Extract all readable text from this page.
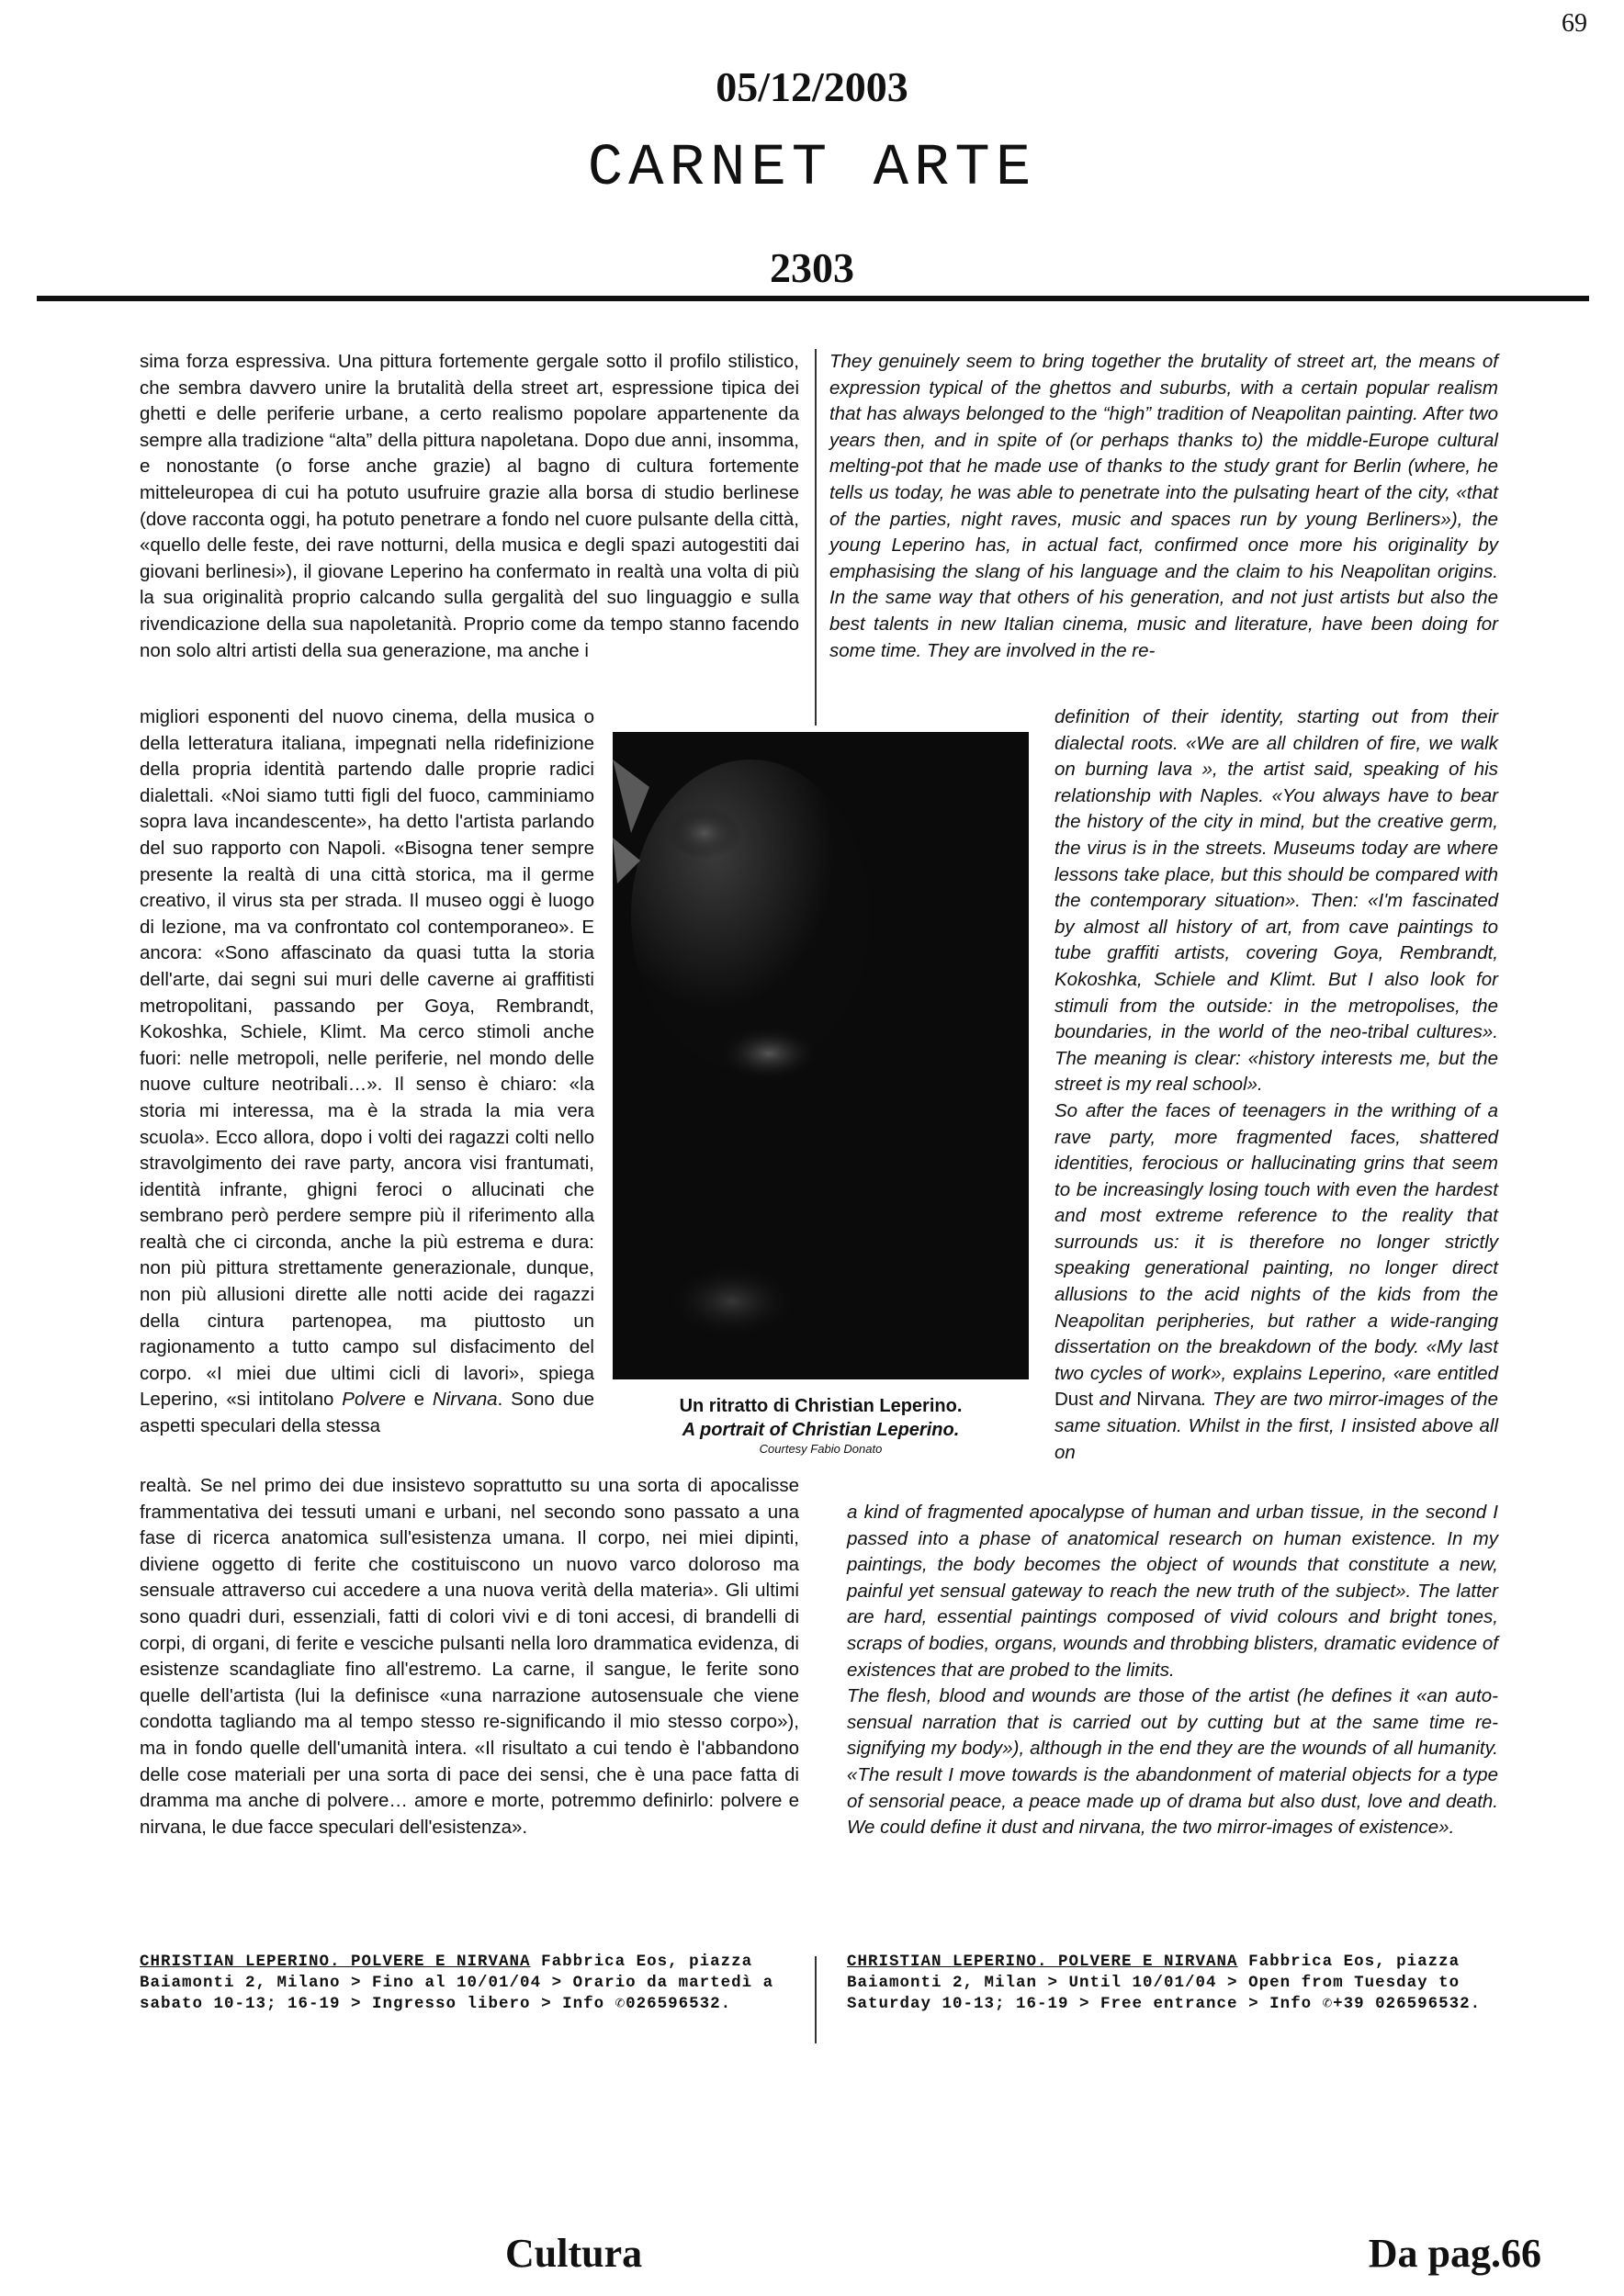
69
05/12/2003
CARNET ARTE
2303

sima forza espressiva. Una pittura fortemente gergale sotto il profilo stilistico, che sembra davvero unire la brutalità della street art, espressione tipica dei ghetti e delle periferie urbane, a certo realismo popolare appartenente da sempre alla tradizione “alta” della pittura napoletana. Dopo due anni, insomma, e nonostante (o forse anche grazie) al bagno di cultura fortemente mitteleuropea di cui ha potuto usufruire grazie alla borsa di studio berlinese (dove racconta oggi, ha potuto penetrare a fondo nel cuore pulsante della città, «quello delle feste, dei rave notturni, della musica e degli spazi autogestiti dai giovani berlinesi»), il giovane Leperino ha confermato in realtà una volta di più la sua originalità proprio calcando sulla gergalità del suo linguaggio e sulla rivendicazione della sua napoletanità. Proprio come da tempo stanno facendo non solo altri artisti della sua generazione, ma anche i

migliori esponenti del nuovo cinema, della musica o della letteratura italiana, impegnati nella ridefinizione della propria identità partendo dalle proprie radici dialettali. «Noi siamo tutti figli del fuoco, camminiamo sopra lava incandescente», ha detto l'artista parlando del suo rapporto con Napoli. «Bisogna tener sempre presente la realtà di una città storica, ma il germe creativo, il virus sta per strada. Il museo oggi è luogo di lezione, ma va confrontato col contemporaneo». E ancora: «Sono affascinato da quasi tutta la storia dell'arte, dai segni sui muri delle caverne ai graffitisti metropolitani, passando per Goya, Rembrandt, Kokoshka, Schiele, Klimt. Ma cerco stimoli anche fuori: nelle metropoli, nelle periferie, nel mondo delle nuove culture neotribali…». Il senso è chiaro: «la storia mi interessa, ma è la strada la mia vera scuola». Ecco allora, dopo i volti dei ragazzi colti nello stravolgimento dei rave party, ancora visi frantumati, identità infrante, ghigni feroci o allucinati che sembrano però perdere sempre più il riferimento alla realtà che ci circonda, anche la più estrema e dura: non più pittura strettamente generazionale, dunque, non più allusioni dirette alle notti acide dei ragazzi della cintura partenopea, ma piuttosto un ragionamento a tutto campo sul disfacimento del corpo. «I miei due ultimi cicli di lavori», spiega Leperino, «si intitolano Polvere e Nirvana. Sono due aspetti speculari della stessa

realtà. Se nel primo dei due insistevo soprattutto su una sorta di apocalisse frammentativa dei tessuti umani e urbani, nel secondo sono passato a una fase di ricerca anatomica sull'esistenza umana. Il corpo, nei miei dipinti, diviene oggetto di ferite che costituiscono un nuovo varco doloroso ma sensuale attraverso cui accedere a una nuova verità della materia». Gli ultimi sono quadri duri, essenziali, fatti di colori vivi e di toni accesi, di brandelli di corpi, di organi, di ferite e vesciche pulsanti nella loro drammatica evidenza, di esistenze scandagliate fino all'estremo. La carne, il sangue, le ferite sono quelle dell'artista (lui la definisce «una narrazione autosensuale che viene condotta tagliando ma al tempo stesso re-significando il mio stesso corpo»), ma in fondo quelle dell'umanità intera. «Il risultato a cui tendo è l'abbandono delle cose materiali per una sorta di pace dei sensi, che è una pace fatta di dramma ma anche di polvere… amore e morte, potremmo definirlo: polvere e nirvana, le due facce speculari dell'esistenza».

They genuinely seem to bring together the brutality of street art, the means of expression typical of the ghettos and suburbs, with a certain popular realism that has always belonged to the “high” tradition of Neapolitan painting. After two years then, and in spite of (or perhaps thanks to) the middle-Europe cultural melting-pot that he made use of thanks to the study grant for Berlin (where, he tells us today, he was able to penetrate into the pulsating heart of the city, «that of the parties, night raves, music and spaces run by young Berliners»), the young Leperino has, in actual fact, confirmed once more his originality by emphasising the slang of his language and the claim to his Neapolitan origins. In the same way that others of his generation, and not just artists but also the best talents in new Italian cinema, music and literature, have been doing for some time. They are involved in the re-

definition of their identity, starting out from their dialectal roots. «We are all children of fire, we walk on burning lava », the artist said, speaking of his relationship with Naples. «You always have to bear the history of the city in mind, but the creative germ, the virus is in the streets. Museums today are where lessons take place, but this should be compared with the contemporary situation». Then: «I'm fascinated by almost all history of art, from cave paintings to tube graffiti artists, covering Goya, Rembrandt, Kokoshka, Schiele and Klimt. But I also look for stimuli from the outside: in the metropolises, the boundaries, in the world of the neo-tribal cultures». The meaning is clear: «history interests me, but the street is my real school».

So after the faces of teenagers in the writhing of a rave party, more fragmented faces, shattered identities, ferocious or hallucinating grins that seem to be increasingly losing touch with even the hardest and most extreme reference to the reality that surrounds us: it is therefore no longer strictly speaking generational painting, no longer direct allusions to the acid nights of the kids from the Neapolitan peripheries, but rather a wide-ranging dissertation on the breakdown of the body. «My last two cycles of work», explains Leperino, «are entitled Dust and Nirvana. They are two mirror-images of the same situation. Whilst in the first, I insisted above all on

a kind of fragmented apocalypse of human and urban tissue, in the second I passed into a phase of anatomical research on human existence. In my paintings, the body becomes the object of wounds that constitute a new, painful yet sensual gateway to reach the new truth of the subject». The latter are hard, essential paintings composed of vivid colours and bright tones, scraps of bodies, organs, wounds and throbbing blisters, dramatic evidence of existences that are probed to the limits.

The flesh, blood and wounds are those of the artist (he defines it «an auto-sensual narration that is carried out by cutting but at the same time re-signifying my body»), although in the end they are the wounds of all humanity. «The result I move towards is the abandonment of material objects for a type of sensorial peace, a peace made up of drama but also dust, love and death. We could define it dust and nirvana, the two mirror-images of existence».

Un ritratto di Christian Leperino.
A portrait of Christian Leperino.
Courtesy Fabio Donato
CHRISTIAN LEPERINO. POLVERE E NIRVANA Fabbrica Eos, piazza Baiamonti 2, Milano > Fino al 10/01/04 > Orario da martedì a sabato 10-13; 16-19 > Ingresso libero > Info ✆026596532.
CHRISTIAN LEPERINO. POLVERE E NIRVANA Fabbrica Eos, piazza Baiamonti 2, Milan > Until 10/01/04 > Open from Tuesday to Saturday 10-13; 16-19 > Free entrance > Info ✆+39 026596532.
Cultura	Da pag.66
